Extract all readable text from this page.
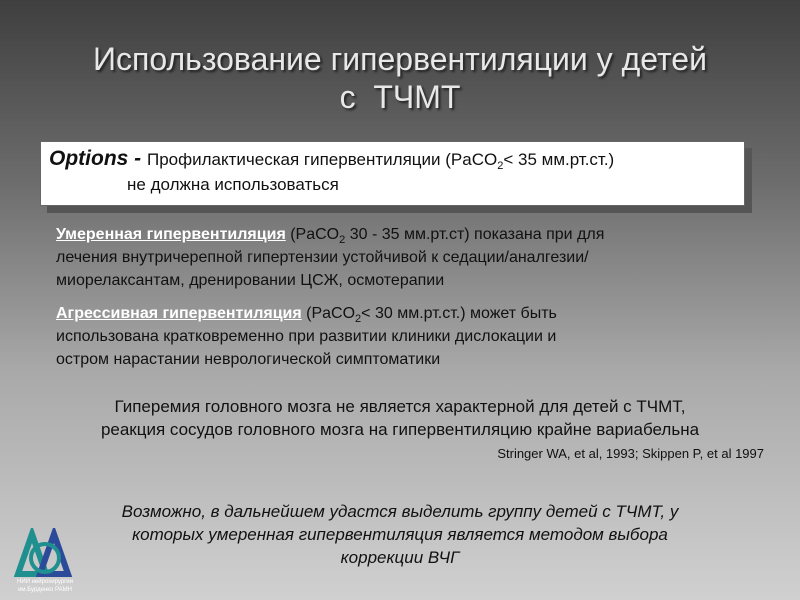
Использование гипервентиляции у детей
с  ТЧМТ
Options - Профилактическая гипервентиляции (PaCO$_2$< 35 мм.рт.ст.)
не должна использоваться
Умеренная гипервентиляция (PaCO$_2$ 30 - 35 мм.рт.ст) показана при для
лечения внутричерепной гипертензии устойчивой к седации/аналгезии/
миорелаксантам, дренировании ЦСЖ, осмотерапии
Агрессивная гипервентиляция (PaCO$_2$< 30 мм.рт.ст.) может быть
использована кратковременно при развитии клиники дислокации и
остром нарастании неврологической симптоматики
Гиперемия головного мозга не является характерной для детей с ТЧМТ,
реакция сосудов головного мозга на гипервентиляцию крайне вариабельна
Stringer WA, et al, 1993; Skippen P, et al 1997
Возможно, в дальнейшем удастся выделить группу детей с ТЧМТ, у
которых умеренная гипервентиляция является методом выбора
коррекции ВЧГ
НИИ нейрохирургии
им.Бурденко РАМН
